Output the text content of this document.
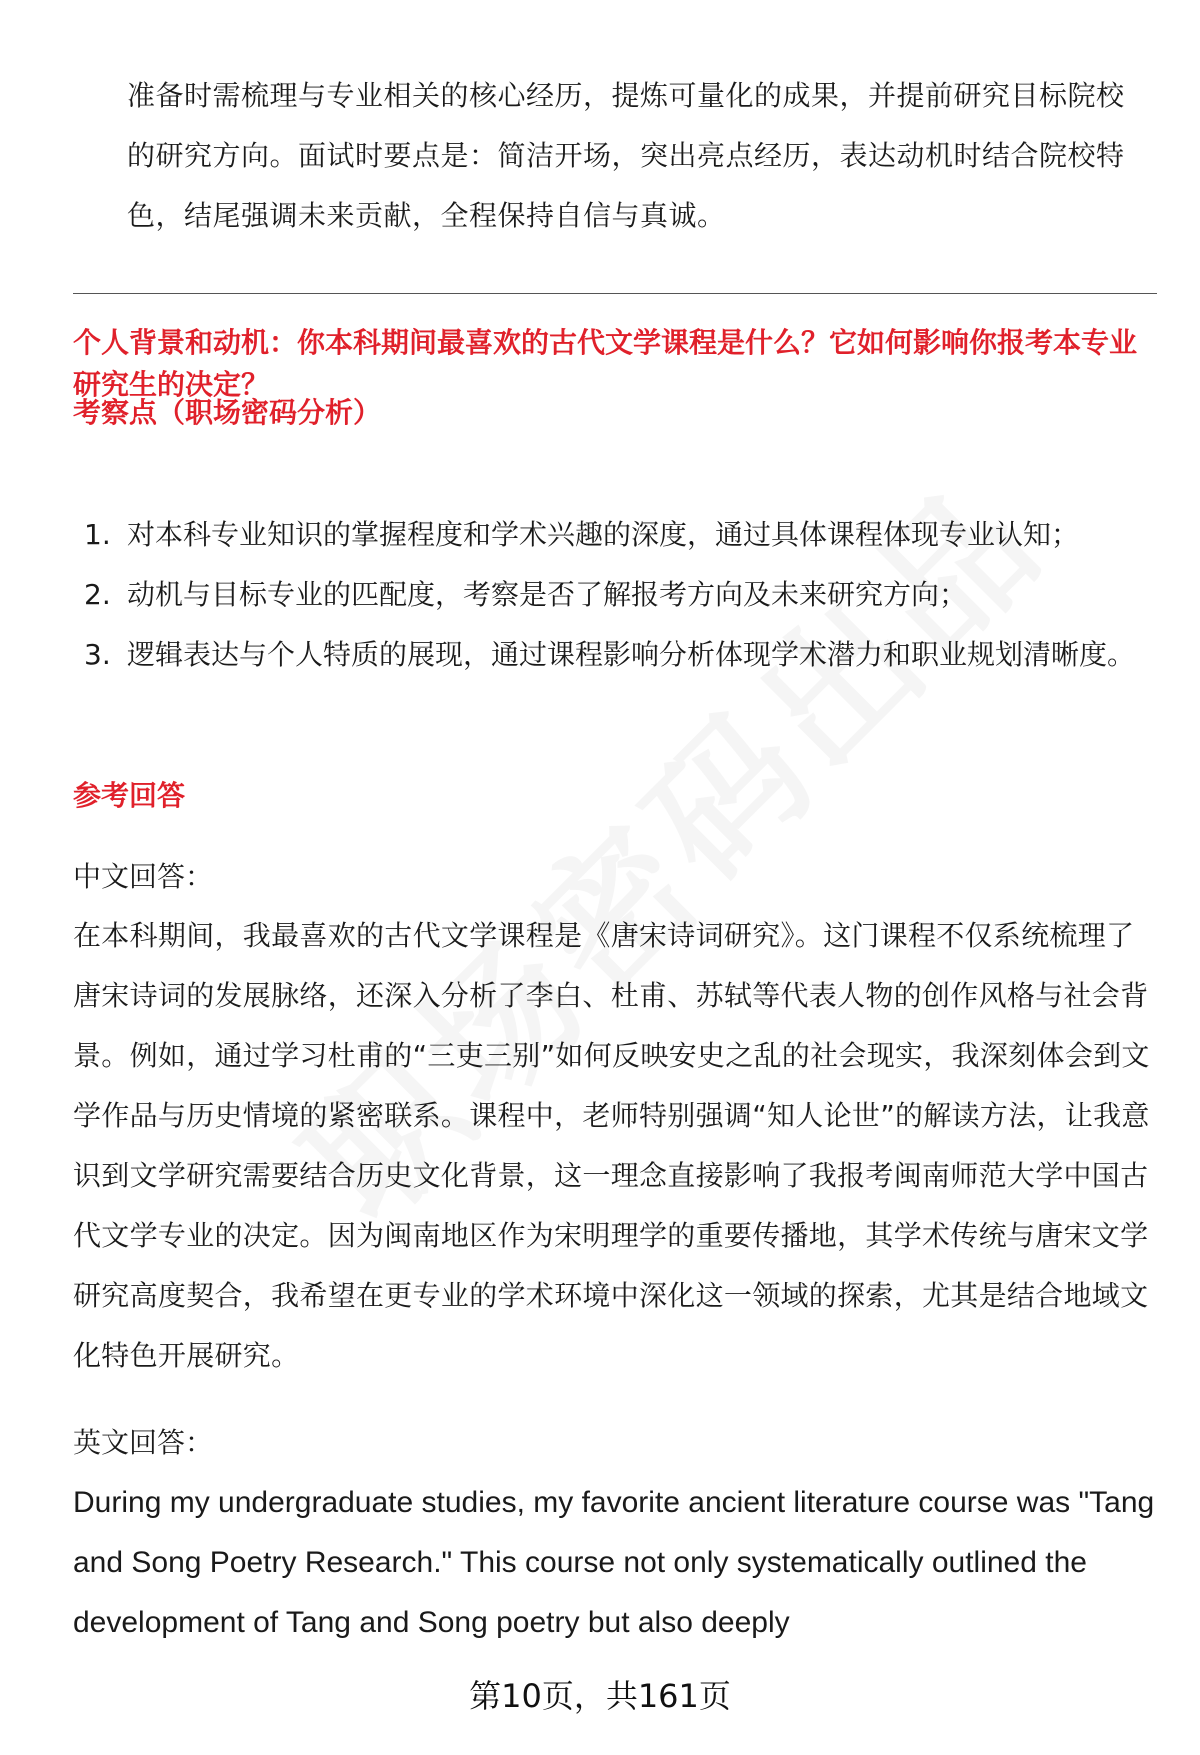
准备时需梳理与专业相关的核心经历，提炼可量化的成果，并提前研究目标院校的研究方向。面试时要点是：简洁开场，突出亮点经历，表达动机时结合院校特色，结尾强调未来贡献，全程保持自信与真诚。
个人背景和动机：你本科期间最喜欢的古代文学课程是什么？它如何影响你报考本专业研究生的决定？
考察点（职场密码分析）
1. 对本科专业知识的掌握程度和学术兴趣的深度，通过具体课程体现专业认知；
2. 动机与目标专业的匹配度，考察是否了解报考方向及未来研究方向；
3. 逻辑表达与个人特质的展现，通过课程影响分析体现学术潜力和职业规划清晰度。
参考回答
中文回答：
在本科期间，我最喜欢的古代文学课程是《唐宋诗词研究》。这门课程不仅系统梳理了唐宋诗词的发展脉络，还深入分析了李白、杜甫、苏轼等代表人物的创作风格与社会背景。例如，通过学习杜甫的“三吏三别”如何反映安史之乱的社会现实，我深刻体会到文学作品与历史情境的紧密联系。课程中，老师特别强调“知人论世”的解读方法，让我意识到文学研究需要结合历史文化背景，这一理念直接影响了我报考闽南师范大学中国古代文学专业的决定。因为闽南地区作为宋明理学的重要传播地，其学术传统与唐宋文学研究高度契合，我希望在更专业的学术环境中深化这一领域的探索，尤其是结合地域文化特色开展研究。
英文回答：
During my undergraduate studies, my favorite ancient literature course was "Tang and Song Poetry Research." This course not only systematically outlined the development of Tang and Song poetry but also deeply
第10页，共161页
